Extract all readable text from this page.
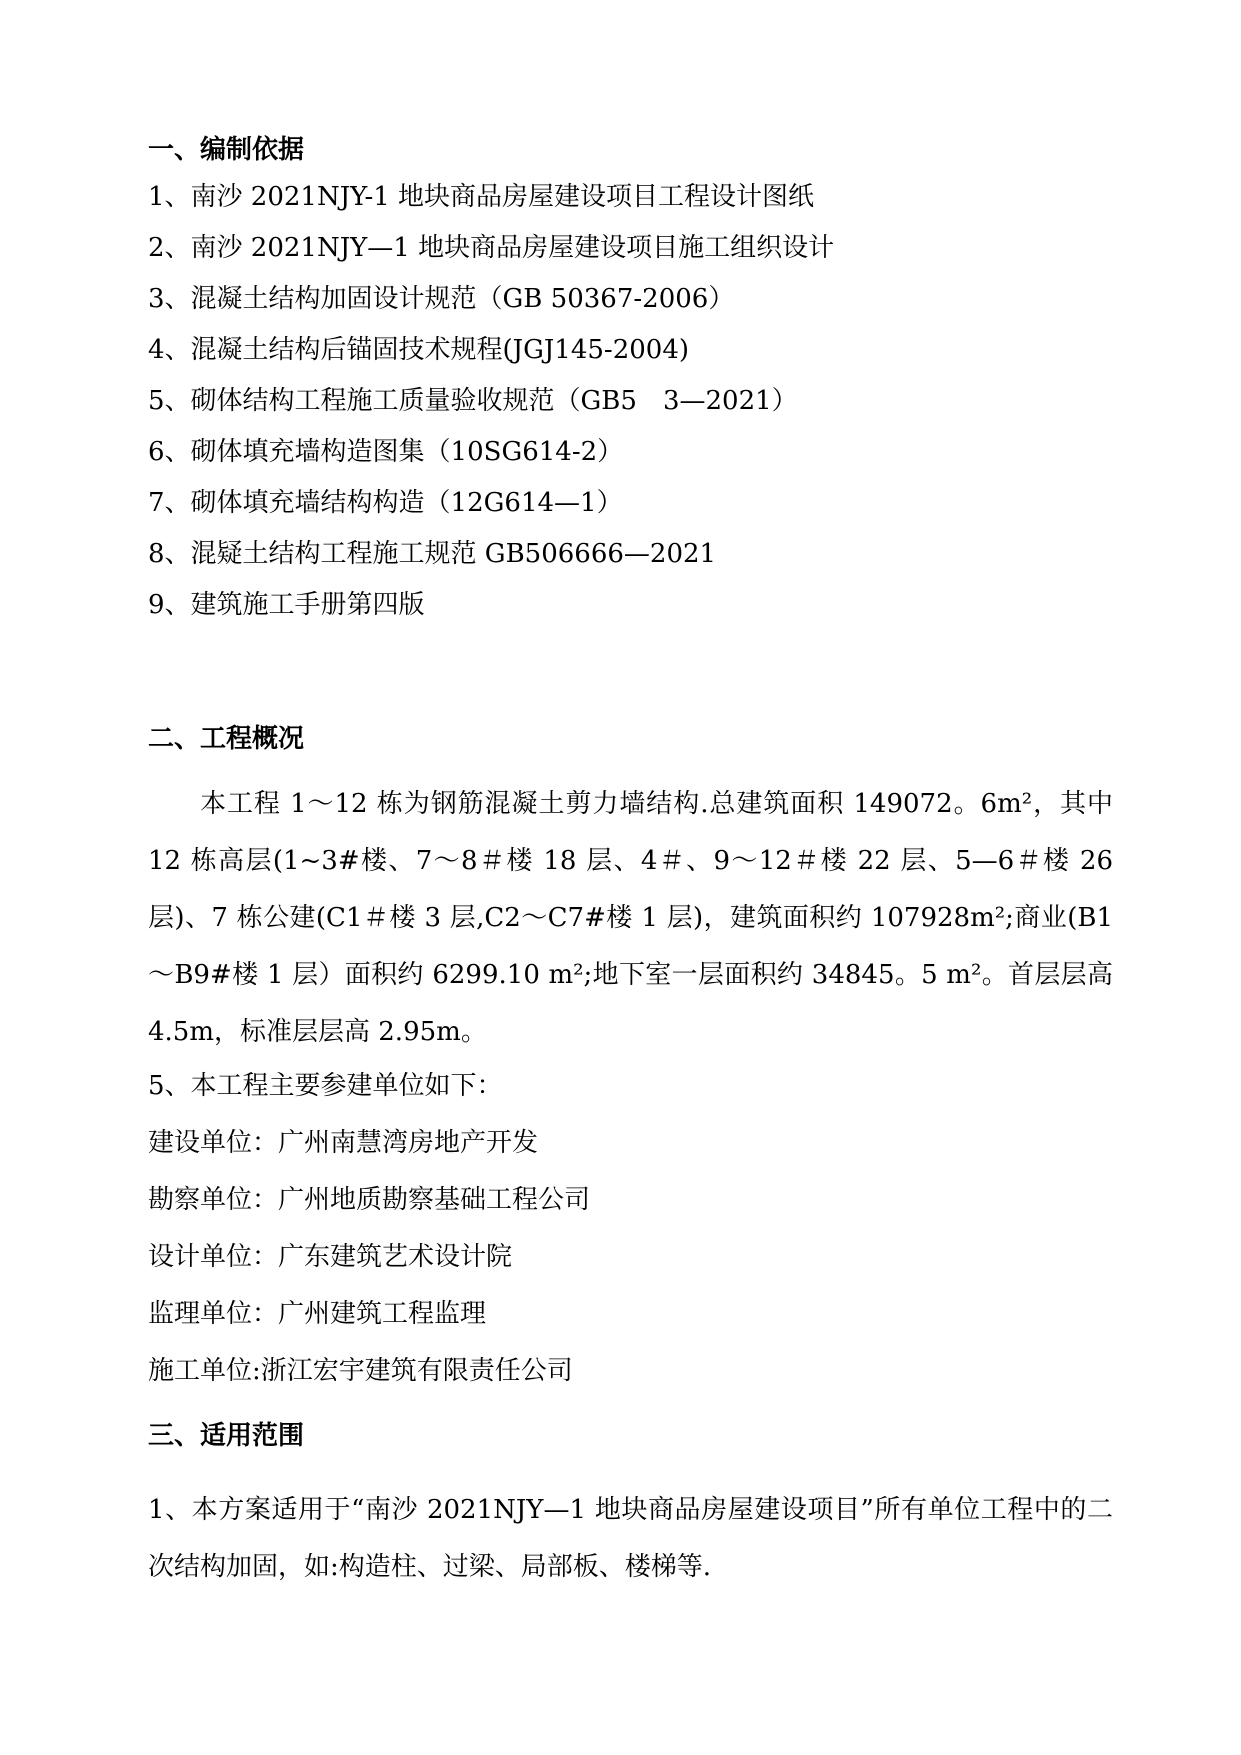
一、编制依据
1、南沙 2021NJY-1 地块商品房屋建设项目工程设计图纸
2、南沙 2021NJY—1 地块商品房屋建设项目施工组织设计
3、混凝土结构加固设计规范（GB 50367-2006）
4、混凝土结构后锚固技术规程(JGJ145-2004)
5、砌体结构工程施工质量验收规范（GB5　3—2021）
6、砌体填充墙构造图集（10SG614-2）
7、砌体填充墙结构构造（12G614—1）
8、混疑土结构工程施工规范 GB506666—2021
9、建筑施工手册第四版
二、工程概况
本工程 1～12 栋为钢筋混凝土剪力墙结构.总建筑面积 149072。6m²，其中 12 栋高层(1~3#楼、7～8＃楼 18 层、4＃、9～12＃楼 22 层、5—6＃楼 26 层)、7 栋公建(C1＃楼 3 层,C2～C7#楼 1 层)，建筑面积约 107928m²;商业(B1～B9#楼 1 层）面积约 6299.10 m²;地下室一层面积约 34845。5 m²。首层层高 4.5m，标准层层高 2.95m。
5、本工程主要参建单位如下：
建设单位：广州南慧湾房地产开发
勘察单位：广州地质勘察基础工程公司
设计单位：广东建筑艺术设计院
监理单位：广州建筑工程监理
施工单位:浙江宏宇建筑有限责任公司
三、适用范围
1、本方案适用于“南沙 2021NJY—1 地块商品房屋建设项目”所有单位工程中的二次结构加固，如:构造柱、过梁、局部板、楼梯等.
